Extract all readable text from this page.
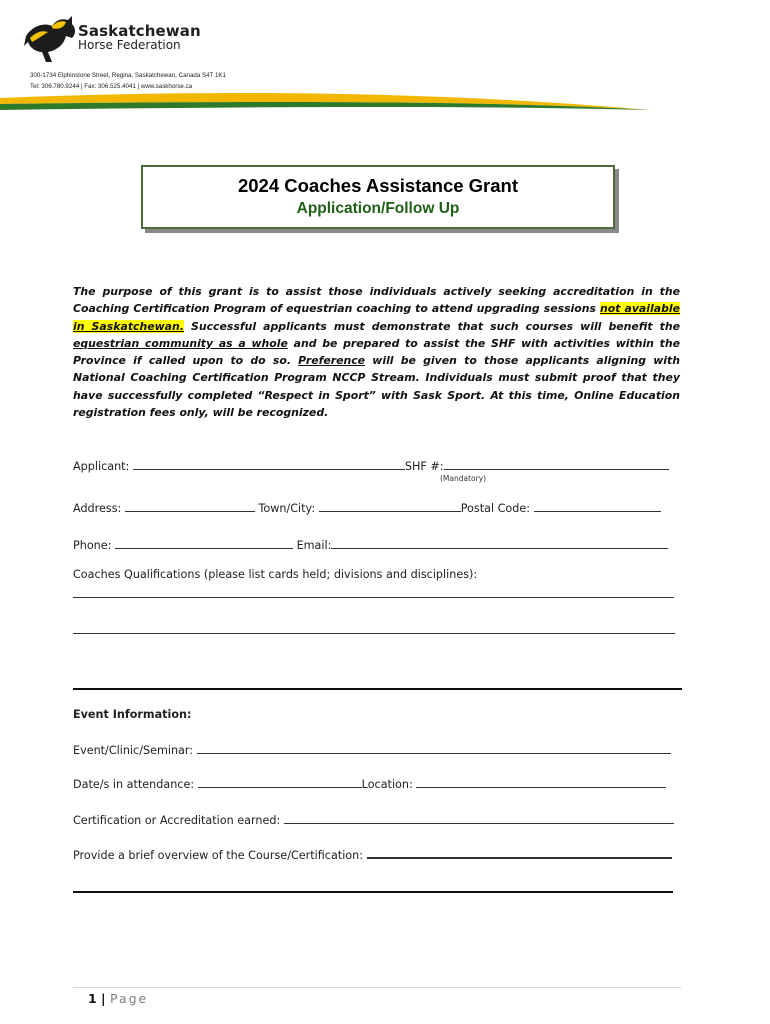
Saskatchewan
Horse Federation
300-1734 Elphinstone Street, Regina, Saskatchewan, Canada S4T 1K1
Tel: 306.780.9244 | Fax: 306.525.4041 | www.saskhorse.ca
2024 Coaches Assistance Grant
Application/Follow Up
The purpose of this grant is to assist those individuals actively seeking accreditation in the Coaching Certification Program of equestrian coaching to attend upgrading sessions not available in Saskatchewan. Successful applicants must demonstrate that such courses will benefit the equestrian community as a whole and be prepared to assist the SHF with activities within the Province if called upon to do so. Preference will be given to those applicants aligning with National Coaching Certification Program NCCP Stream. Individuals must submit proof that they have successfully completed “Respect in Sport” with Sask Sport. At this time, Online Education registration fees only, will be recognized.
Applicant:	SHF #:
(Mandatory)
Address:	Town/City:	Postal Code:
Phone:	Email:
Coaches Qualifications (please list cards held; divisions and disciplines):
Event Information:
Event/Clinic/Seminar:
Date/s in attendance:	Location:
Certification or Accreditation earned:
Provide a brief overview of the Course/Certification:
1 | Page
